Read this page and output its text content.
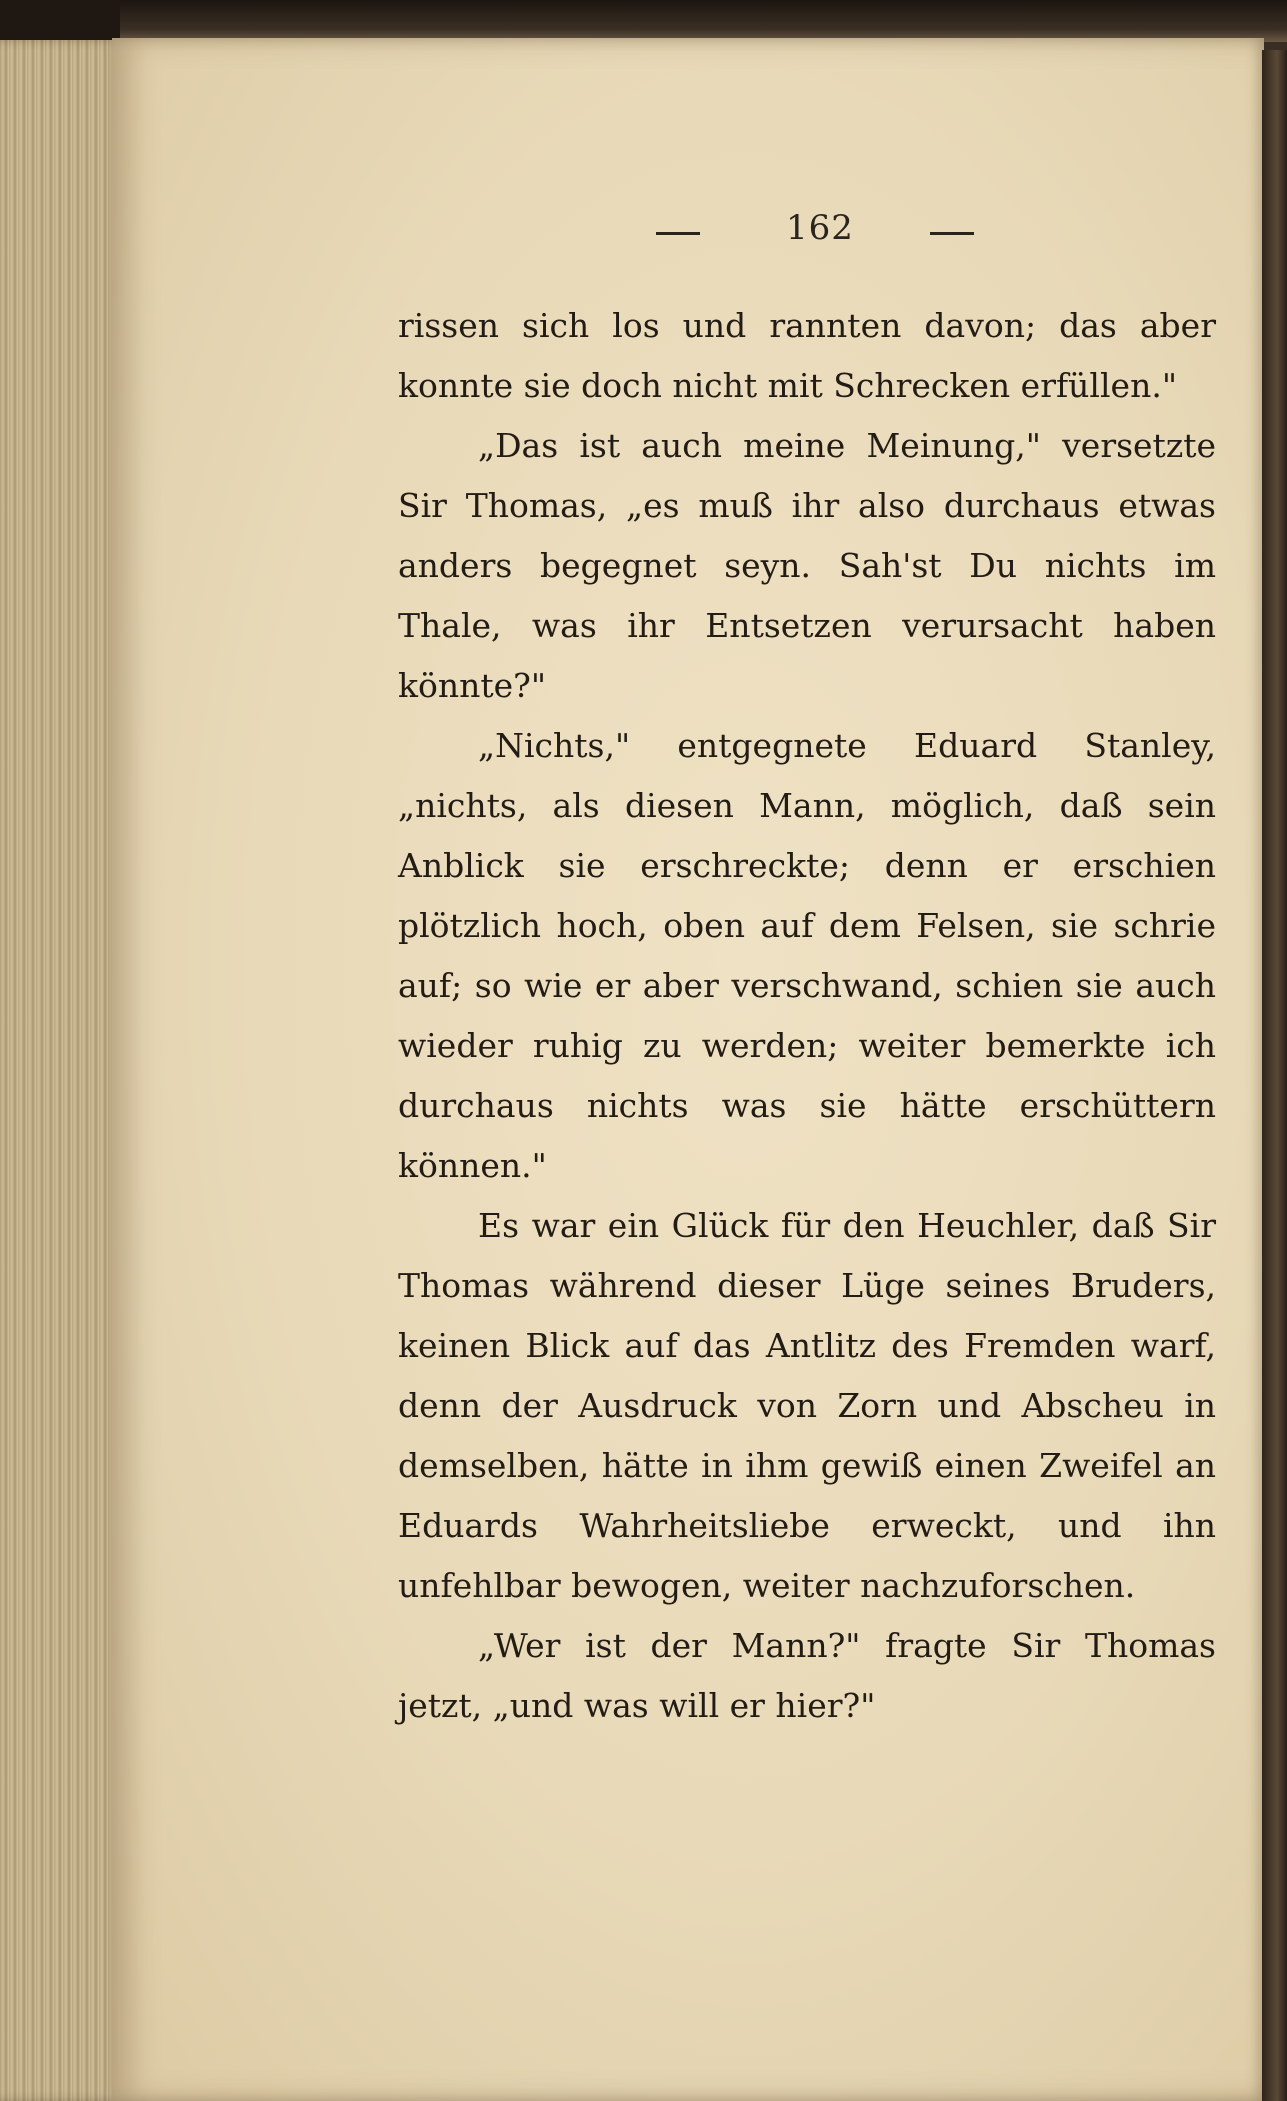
162

rissen sich los und rannten davon; das aber konnte sie doch nicht mit Schrecken erfüllen."

„Das ist auch meine Meinung," versetzte Sir Thomas, „es muß ihr also durchaus etwas anders begegnet seyn. Sah'st Du nichts im Thale, was ihr Entsetzen verursacht haben könnte?"

„Nichts," entgegnete Eduard Stanley, „nichts, als diesen Mann, möglich, daß sein Anblick sie erschreckte; denn er erschien plötzlich hoch, oben auf dem Felsen, sie schrie auf; so wie er aber verschwand, schien sie auch wieder ruhig zu werden; weiter bemerkte ich durchaus nichts was sie hätte erschüttern können."

Es war ein Glück für den Heuchler, daß Sir Thomas während dieser Lüge seines Bruders, keinen Blick auf das Antlitz des Fremden warf, denn der Ausdruck von Zorn und Abscheu in demselben, hätte in ihm gewiß einen Zweifel an Eduards Wahrheitsliebe erweckt, und ihn unfehlbar bewogen, weiter nachzuforschen.

„Wer ist der Mann?" fragte Sir Thomas jetzt, „und was will er hier?"
